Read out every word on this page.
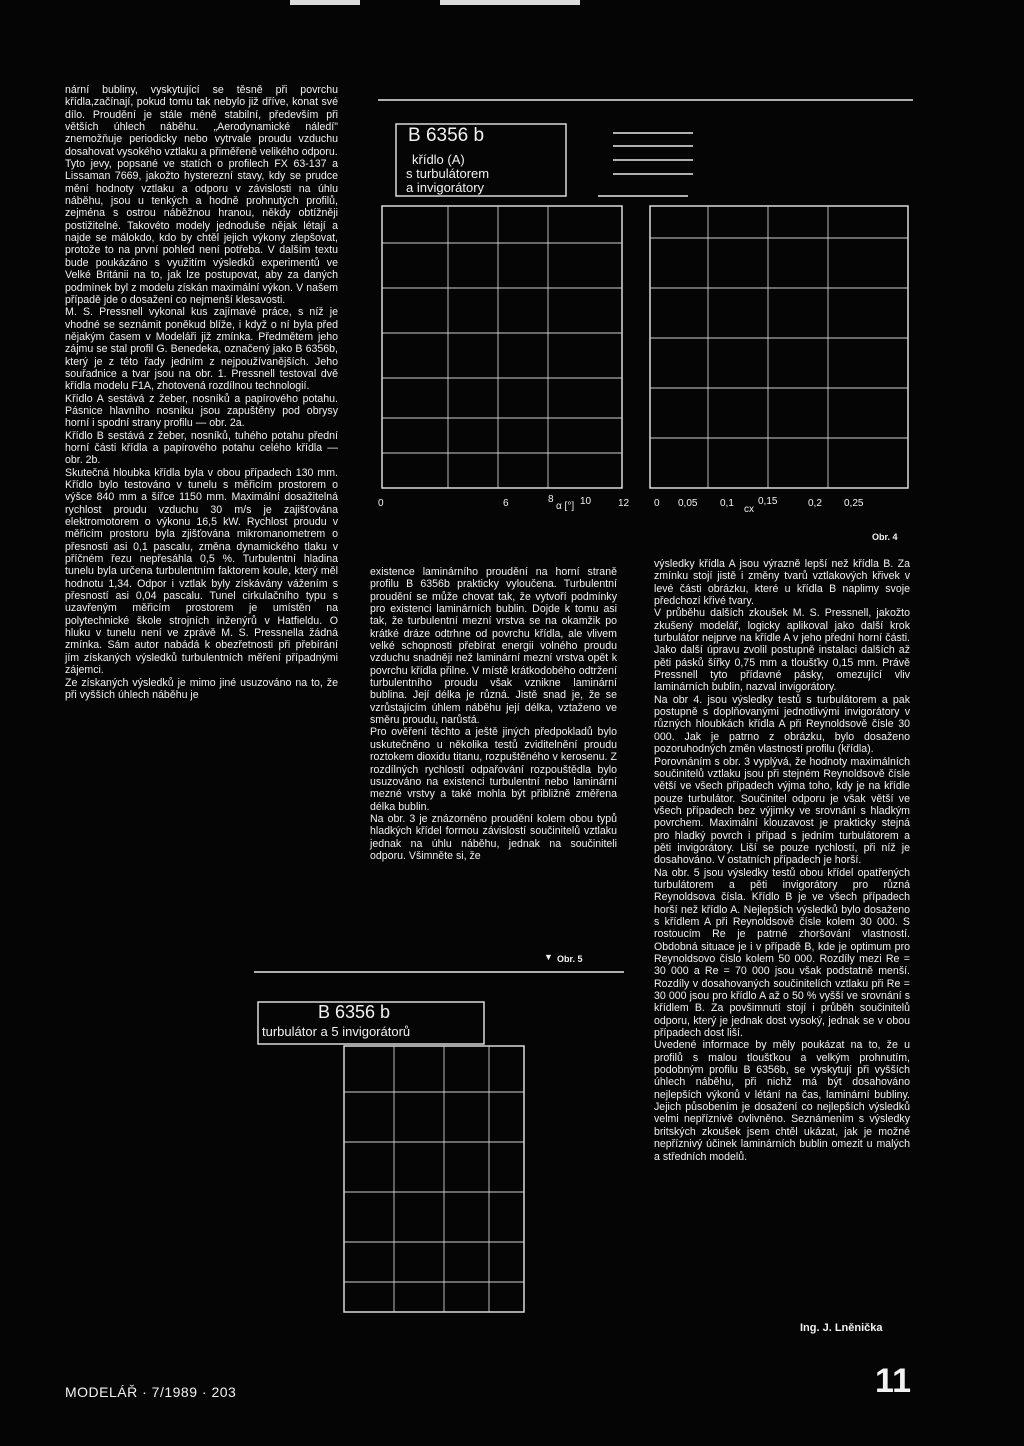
nární bubliny, vyskytující se těsně při povrchu křídla,začínají, pokud tomu tak nebylo již dříve, konat své dílo. Proudění je stále méně stabilní, především při větších úhlech náběhu. „Aerodynamické náledí" znemožňuje periodicky nebo vytrvale proudu vzduchu dosahovat vysokého vztlaku a přiměřeně velikého odporu.
Tyto jevy, popsané ve statích o profilech FX 63-137 a Lissaman 7669, jakožto hysterezní stavy, kdy se prudce mění hodnoty vztlaku a odporu v závislosti na úhlu náběhu, jsou u tenkých a hodně prohnutých profilů, zejména s ostrou náběžnou hranou, někdy obtížněji postižitelné. Takovéto modely jednoduše nějak létají a najde se málokdo, kdo by chtěl jejich výkony zlepšovat, protože to na první pohled není potřeba. V dalším textu bude poukázáno s využitím výsledků experimentů ve Velké Británii na to, jak lze postupovat, aby za daných podmínek byl z modelu získán maximální výkon. V našem případě jde o dosažení co nejmenší klesavosti.
M. S. Pressnell vykonal kus zajímavé práce, s níž je vhodné se seznámit poněkud blíže, i když o ní byla před nějakým časem v Modeláři již zmínka. Předmětem jeho zájmu se stal profil G. Benedeka, označený jako B 6356b, který je z této řady jedním z nejpoužívanějších. Jeho souřadnice a tvar jsou na obr. 1. Pressnell testoval dvě křídla modelu F1A, zhotovená rozdílnou technologií.
Křídlo A sestává z žeber, nosníků a papírového potahu. Pásnice hlavního nosníku jsou zapuštěny pod obrysy horní i spodní strany profilu — obr. 2a.
Křídlo B sestává z žeber, nosníků, tuhého potahu přední horní části křídla a papírového potahu celého křídla — obr. 2b.
Skutečná hloubka křídla byla v obou případech 130 mm. Křídlo bylo testováno v tunelu s měřicím prostorem o výšce 840 mm a šířce 1150 mm. Maximální dosažitelná rychlost proudu vzduchu 30 m/s je zajišťována elektromotorem o výkonu 16,5 kW. Rychlost proudu v měřicím prostoru byla zjišťována mikromanometrem o přesnosti asi 0,1 pascalu, změna dynamického tlaku v příčném řezu nepřesáhla 0,5 %. Turbulentní hladina tunelu byla určena turbulentním faktorem koule, který měl hodnotu 1,34. Odpor i vztlak byly získávány vážením s přesností asi 0,04 pascalu. Tunel cirkulačního typu s uzavřeným měřicím prostorem je umístěn na polytechnické škole strojních inženýrů v Hatfieldu. O hluku v tunelu není ve zprávě M. S. Pressnella žádná zmínka. Sám autor nabádá k obezřetnosti při přebírání jím získaných výsledků turbulentních měření případnými zájemci.
Ze získaných výsledků je mimo jiné usuzováno na to, že při vyšších úhlech náběhu je
B 6356 b
křídlo (A)
s turbulátorem
a invigorátory
0	6	8
α [°] 10	12 0 0,05 0,1 0,15
cx
0,2 0,25
Obr. 4
existence laminárního proudění na horní straně profilu B 6356b prakticky vyloučena. Turbulentní proudění se může chovat tak, že vytvoří podmínky pro existenci laminárních bublin. Dojde k tomu asi tak, že turbulentní mezní vrstva se na okamžik po krátké dráze odtrhne od povrchu křídla, ale vlivem velké schopnosti přebírat energii volného proudu vzduchu snadněji než laminární mezní vrstva opět k povrchu křídla přilne. V místě krátkodobého odtržení turbulentního proudu však vznikne laminární bublina. Její délka je různá. Jistě snad je, že se vzrůstajícím úhlem náběhu její délka, vztaženo ve směru proudu, narůstá.
Pro ověření těchto a ještě jiných předpokladů bylo uskutečněno u několika testů zviditelnění proudu roztokem dioxidu titanu, rozpuštěného v kerosenu. Z rozdílných rychlostí odpařování rozpouštědla bylo usuzováno na existenci turbulentní nebo laminární mezné vrstvy a také mohla být přibližně změřena délka bublin.
Na obr. 3 je znázorněno proudění kolem obou typů hladkých křídel formou závislostí součinitelů vztlaku jednak na úhlu náběhu, jednak na součiniteli odporu. Všimněte si, že
výsledky křídla A jsou výrazně lepší než křídla B. Za zmínku stojí jistě i změny tvarů vztlakových křivek v levé části obrázku, které u křídla B naplimy svoje předchozí křivé tvary.
V průběhu dalších zkoušek M. S. Pressnell, jakožto zkušený modelář, logicky aplikoval jako další krok turbulátor nejprve na křídle A v jeho přední horní části. Jako další úpravu zvolil postupně instalaci dalších až pěti pásků šířky 0,75 mm a tloušťky 0,15 mm. Právě Pressnell tyto přídavné pásky, omezující vliv laminárních bublin, nazval invigorátory.
Na obr 4. jsou výsledky testů s turbulátorem a pak postupně s doplňovanými jednotlivými invigorátory v různých hloubkách křídla A při Reynoldsově čísle 30 000. Jak je patrno z obrázku, bylo dosaženo pozoruhodných změn vlastností profilu (křídla).
Porovnáním s obr. 3 vyplývá, že hodnoty maximálních součinitelů vztlaku jsou při stejném Reynoldsově čísle větší ve všech případech výjma toho, kdy je na křídle pouze turbulátor. Součinitel odporu je však větší ve všech případech bez výjimky ve srovnání s hladkým povrchem. Maximální klouzavost je prakticky stejná pro hladký povrch i případ s jedním turbulátorem a pěti invigorátory. Liší se pouze rychlostí, při níž je dosahováno. V ostatních případech je horší.
Na obr. 5 jsou výsledky testů obou křídel opatřených turbulátorem a pěti invigorátory pro různá Reynoldsova čísla. Křídlo B je ve všech případech horší než křídlo A. Nejlepších výsledků bylo dosaženo s křídlem A při Reynoldsově čísle kolem 30 000. S rostoucím Re je patrné zhoršování vlastností. Obdobná situace je i v případě B, kde je optimum pro Reynoldsovo číslo kolem 50 000. Rozdíly mezi Re = 30 000 a Re = 70 000 jsou však podstatně menší. Rozdíly v dosahovaných součinitelích vztlaku při Re = 30 000 jsou pro křídlo A až o 50 % vyšší ve srovnání s křídlem B. Za povšimnutí stojí i průběh součinitelů odporu, který je jednak dost vysoký, jednak se v obou případech dost liší.
Uvedené informace by měly poukázat na to, že u profilů s malou tloušťkou a velkým prohnutím, podobným profilu B 6356b, se vyskytují při vyšších úhlech náběhu, při nichž má být dosahováno nejlepších výkonů v létání na čas, laminární bubliny. Jejich působením je dosažení co nejlepších výsledků velmi nepříznivě ovlivněno. Seznámením s výsledky britských zkoušek jsem chtěl ukázat, jak je možné nepříznivý účinek laminárních bublin omezit u malých a středních modelů.
▼ Obr. 5
B 6356 b
turbulátor a 5 invigorátorů
Ing. J. Lněnička
MODELÁŘ · 7/1989 · 203	11
